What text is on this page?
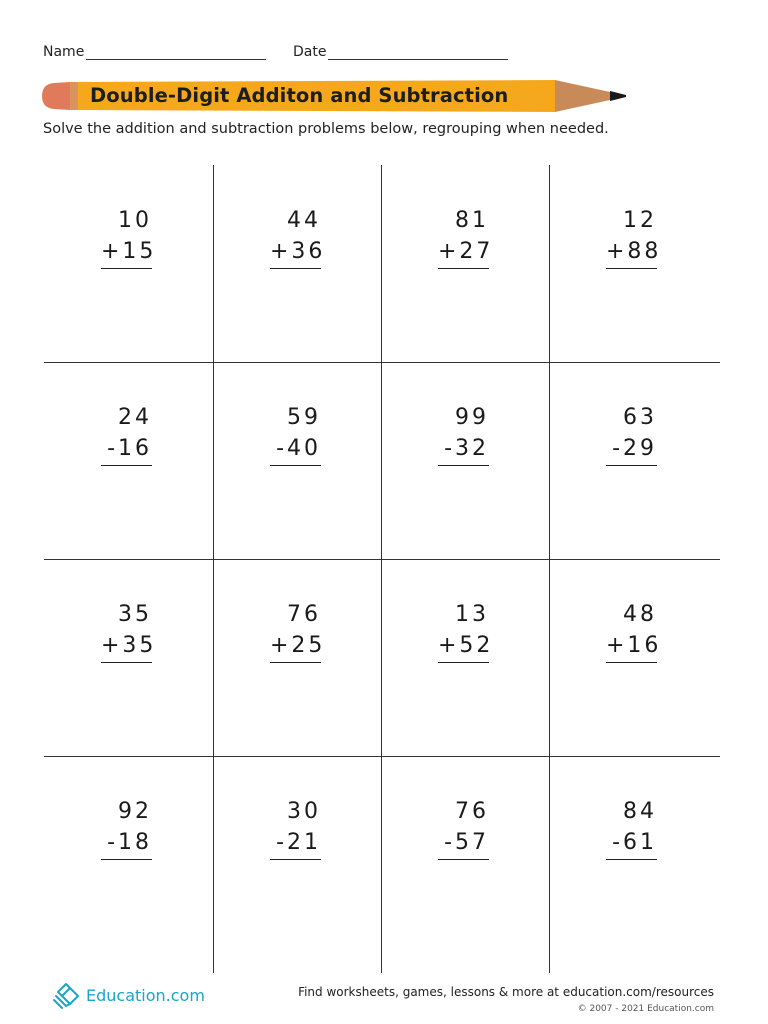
Name	Date
Double-Digit Additon and Subtraction
Solve the addition and subtraction problems below, regrouping when needed.
10
+15
44
+36
81
+27
12
+88
24
-16
59
-40
99
-32
63
-29
35
+35
76
+25
13
+52
48
+16
92
-18
30
-21
76
-57
84
-61
Education.com	Find worksheets, games, lessons & more at education.com/resources
© 2007 - 2021 Education.com
